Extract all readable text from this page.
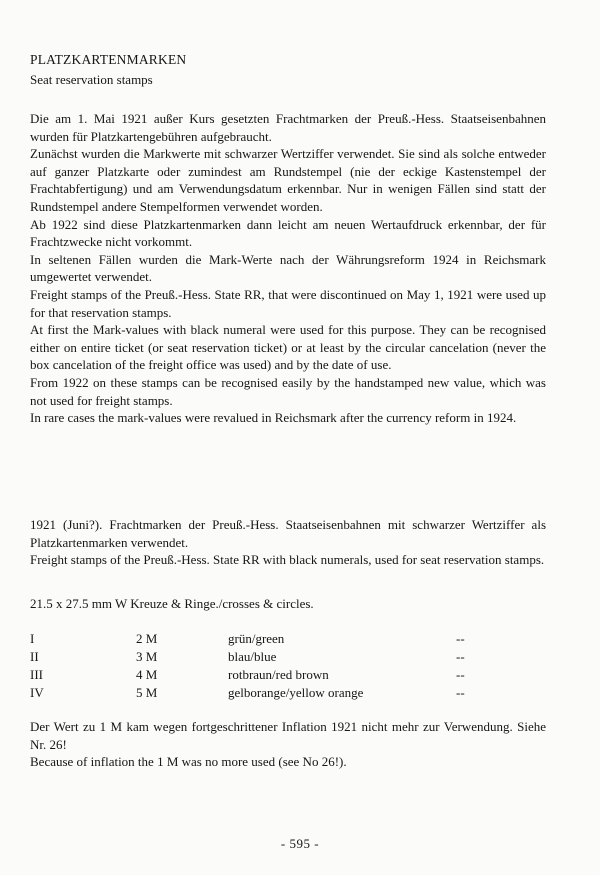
PLATZKARTENMARKEN
Seat reservation stamps
Die am 1. Mai 1921 außer Kurs gesetzten Frachtmarken der Preuß.-Hess. Staatseisenbahnen wurden für Platzkartengebühren aufgebraucht.
Zunächst wurden die Markwerte mit schwarzer Wertziffer verwendet. Sie sind als solche entweder auf ganzer Platzkarte oder zumindest am Rundstempel (nie der eckige Kastenstempel der Frachtabfertigung) und am Verwendungsdatum erkennbar. Nur in wenigen Fällen sind statt der Rundstempel andere Stempelformen verwendet worden.
Ab 1922 sind diese Platzkartenmarken dann leicht am neuen Wertaufdruck erkennbar, der für Frachtzwecke nicht vorkommt.
In seltenen Fällen wurden die Mark-Werte nach der Währungsreform 1924 in Reichsmark umgewertet verwendet.
Freight stamps of the Preuß.-Hess. State RR, that were discontinued on May 1, 1921 were used up for that reservation stamps.
At first the Mark-values with black numeral were used for this purpose. They can be recognised either on entire ticket (or seat reservation ticket) or at least by the circular cancelation (never the box cancelation of the freight office was used) and by the date of use.
From 1922 on these stamps can be recognised easily by the handstamped new value, which was not used for freight stamps.
In rare cases the mark-values were revalued in Reichsmark after the currency reform in 1924.
1921 (Juni?). Frachtmarken der Preuß.-Hess. Staatseisenbahnen mit schwarzer Wertziffer als Platzkartenmarken verwendet.
Freight stamps of the Preuß.-Hess. State RR with black numerals, used for seat reservation stamps.
21.5 x 27.5 mm W Kreuze & Ringe./crosses & circles.
I	2 M	grün/green	--
II	3 M	blau/blue	--
III	4 M	rotbraun/red brown	--
IV	5 M	gelborange/yellow orange	--
Der Wert zu 1 M kam wegen fortgeschrittener Inflation 1921 nicht mehr zur Verwendung. Siehe Nr. 26!
Because of inflation the 1 M was no more used (see No 26!).
- 595 -
